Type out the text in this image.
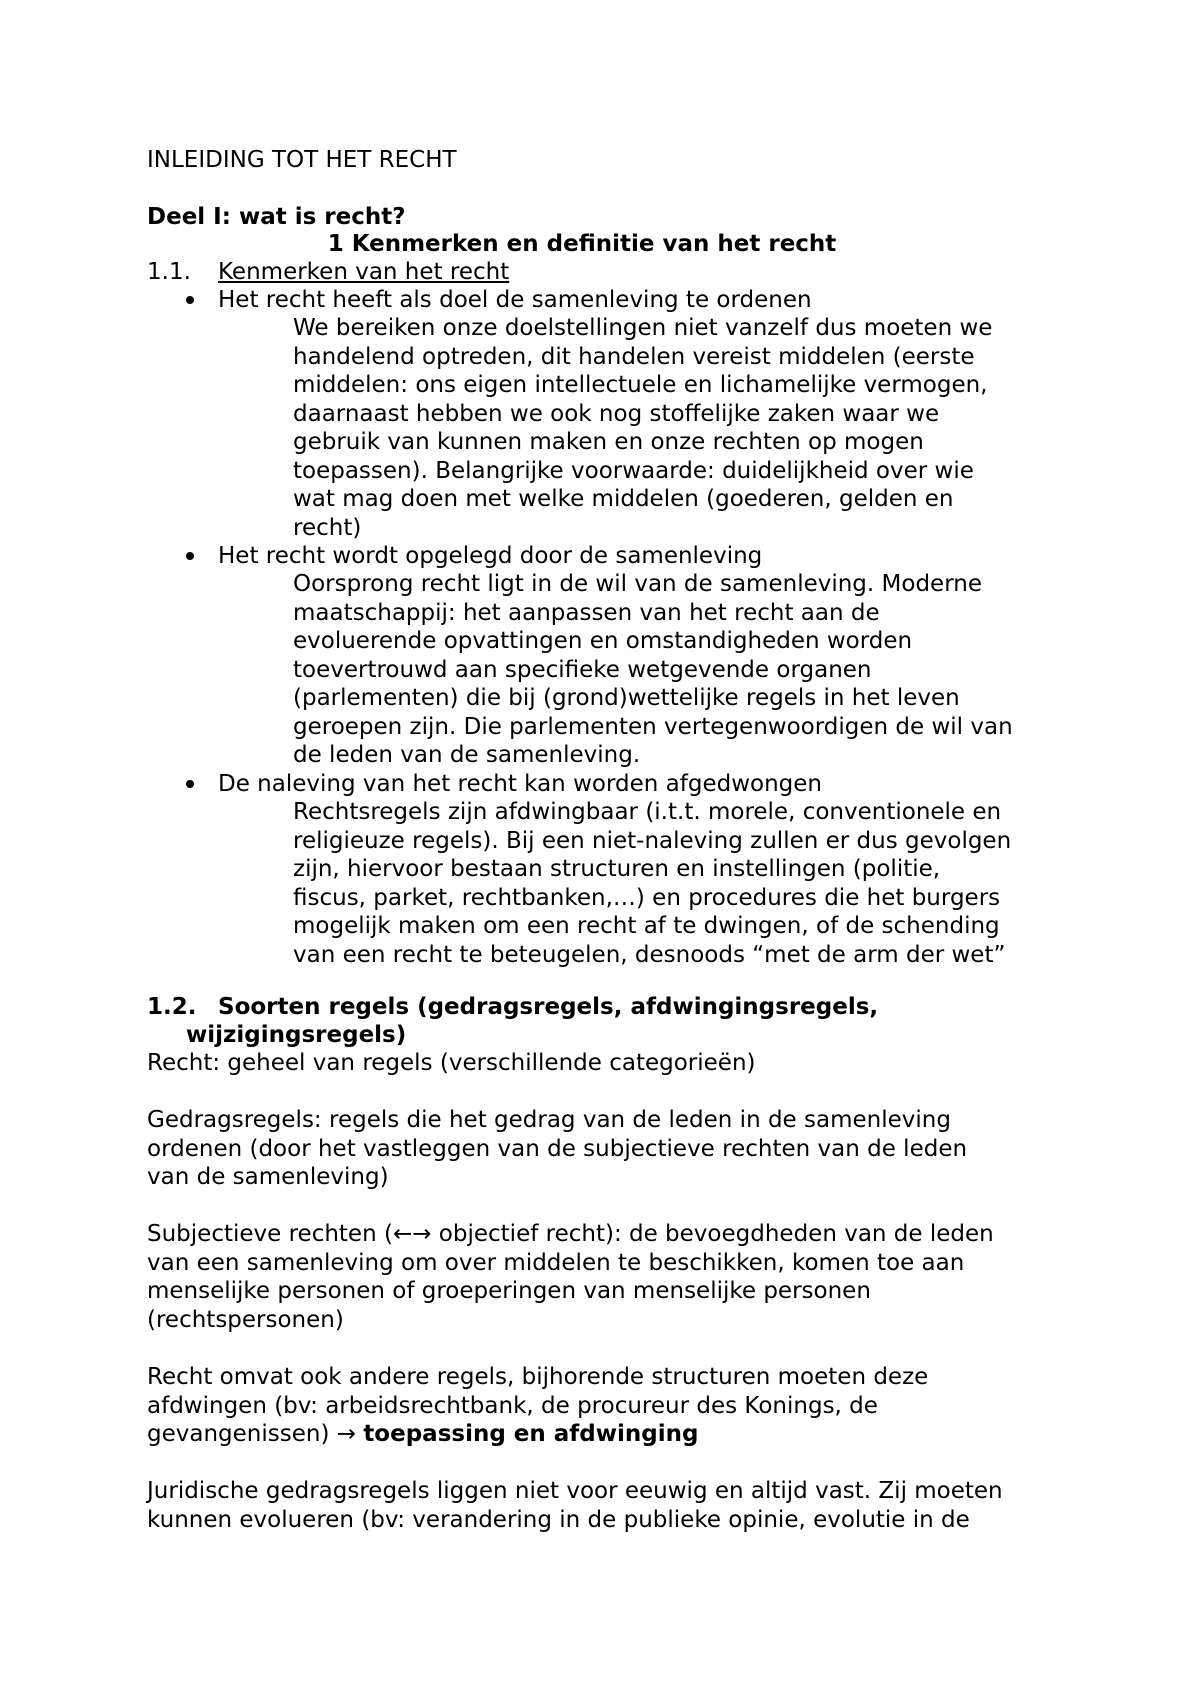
INLEIDING TOT HET RECHT
Deel I: wat is recht?
1 Kenmerken en definitie van het recht
1.1. Kenmerken van het recht
Het recht heeft als doel de samenleving te ordenen
We bereiken onze doelstellingen niet vanzelf dus moeten we
handelend optreden, dit handelen vereist middelen (eerste
middelen: ons eigen intellectuele en lichamelijke vermogen,
daarnaast hebben we ook nog stoffelijke zaken waar we
gebruik van kunnen maken en onze rechten op mogen
toepassen). Belangrijke voorwaarde: duidelijkheid over wie
wat mag doen met welke middelen (goederen, gelden en
recht)
Het recht wordt opgelegd door de samenleving
Oorsprong recht ligt in de wil van de samenleving. Moderne
maatschappij: het aanpassen van het recht aan de
evoluerende opvattingen en omstandigheden worden
toevertrouwd aan specifieke wetgevende organen
(parlementen) die bij (grond)wettelijke regels in het leven
geroepen zijn. Die parlementen vertegenwoordigen de wil van
de leden van de samenleving.
De naleving van het recht kan worden afgedwongen
Rechtsregels zijn afdwingbaar (i.t.t. morele, conventionele en
religieuze regels). Bij een niet-naleving zullen er dus gevolgen
zijn, hiervoor bestaan structuren en instellingen (politie,
fiscus, parket, rechtbanken,…) en procedures die het burgers
mogelijk maken om een recht af te dwingen, of de schending
van een recht te beteugelen, desnoods “met de arm der wet”
1.2. Soorten regels (gedragsregels, afdwingingsregels,
wijzigingsregels)
Recht: geheel van regels (verschillende categorieën)
Gedragsregels: regels die het gedrag van de leden in de samenleving
ordenen (door het vastleggen van de subjectieve rechten van de leden
van de samenleving)
Subjectieve rechten (←→ objectief recht): de bevoegdheden van de leden
van een samenleving om over middelen te beschikken, komen toe aan
menselijke personen of groeperingen van menselijke personen
(rechtspersonen)
Recht omvat ook andere regels, bijhorende structuren moeten deze
afdwingen (bv: arbeidsrechtbank, de procureur des Konings, de
gevangenissen) → toepassing en afdwinging
Juridische gedragsregels liggen niet voor eeuwig en altijd vast. Zij moeten
kunnen evolueren (bv: verandering in de publieke opinie, evolutie in de
